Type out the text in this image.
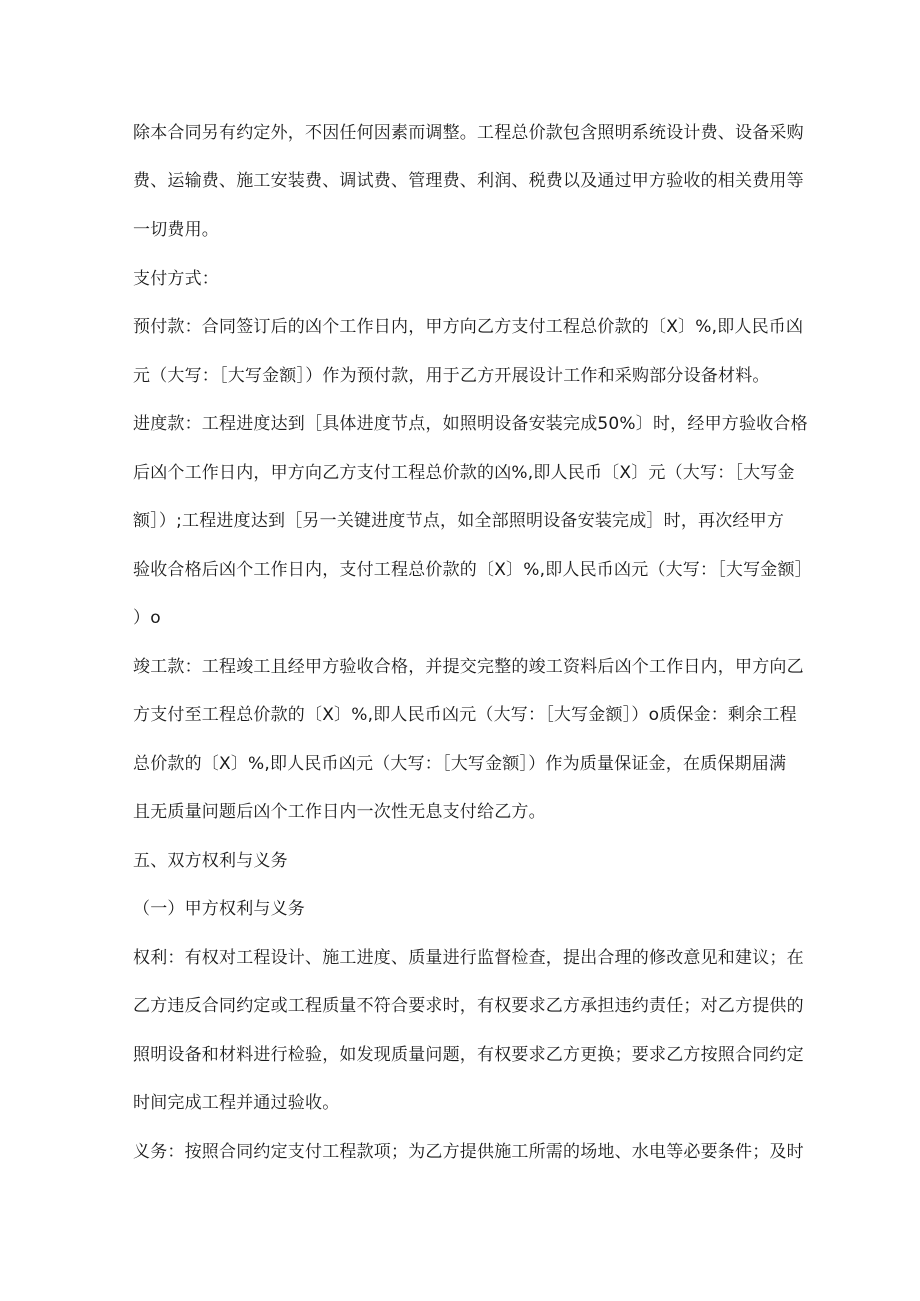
除本合同另有约定外，不因任何因素而调整。工程总价款包含照明系统设计费、设备采购

费、运输费、施工安装费、调试费、管理费、利润、税费以及通过甲方验收的相关费用等

一切费用。

支付方式：

预付款：合同签订后的凶个工作日内，甲方向乙方支付工程总价款的〔X〕%,即人民币凶

元（大写：［大写金额］）作为预付款，用于乙方开展设计工作和采购部分设备材料。

进度款：工程进度达到［具体进度节点，如照明设备安装完成50%〕时，经甲方验收合格

后凶个工作日内，甲方向乙方支付工程总价款的凶%,即人民币〔X〕元（大写：［大写金

额］）;工程进度达到［另一关键进度节点，如全部照明设备安装完成］时，再次经甲方

验收合格后凶个工作日内，支付工程总价款的〔X〕%,即人民币凶元（大写：［大写金额］

）o

竣工款：工程竣工且经甲方验收合格，并提交完整的竣工资料后凶个工作日内，甲方向乙

方支付至工程总价款的〔X〕%,即人民币凶元（大写：［大写金额］）o质保金：剩余工程

总价款的〔X〕%,即人民币凶元（大写：［大写金额］）作为质量保证金，在质保期届满

且无质量问题后凶个工作日内一次性无息支付给乙方。

五、双方权利与义务

（一）甲方权利与义务

权利：有权对工程设计、施工进度、质量进行监督检查，提出合理的修改意见和建议；在

乙方违反合同约定或工程质量不符合要求时，有权要求乙方承担违约责任；对乙方提供的

照明设备和材料进行检验，如发现质量问题，有权要求乙方更换；要求乙方按照合同约定

时间完成工程并通过验收。

义务：按照合同约定支付工程款项；为乙方提供施工所需的场地、水电等必要条件；及时
